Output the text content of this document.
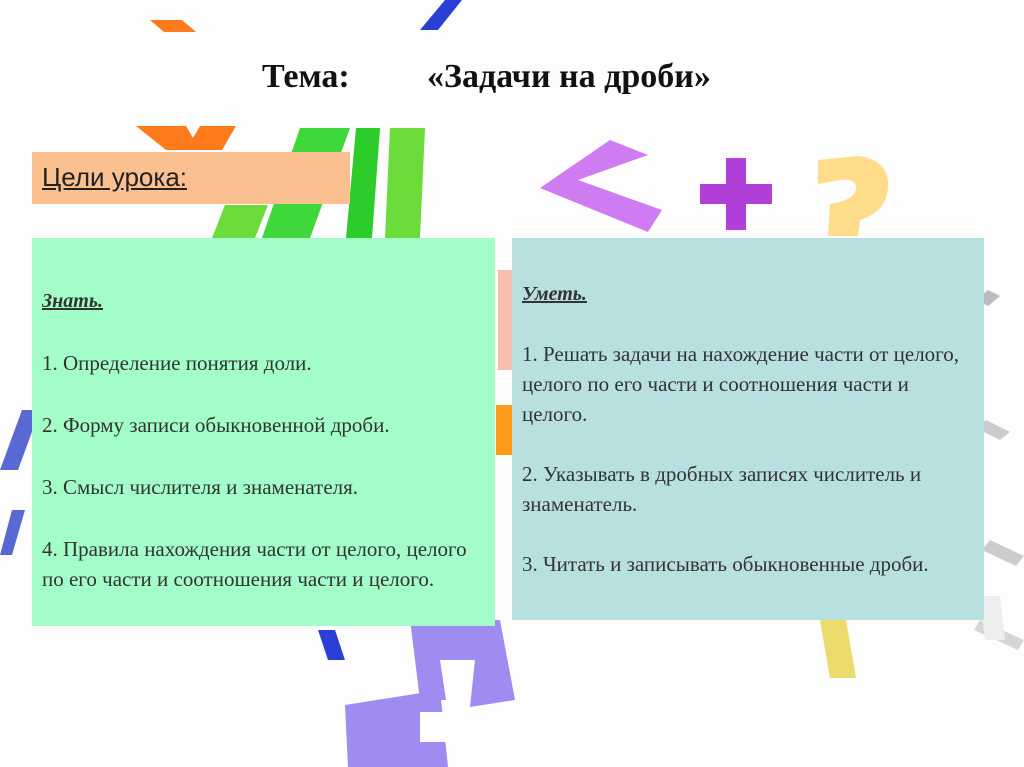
Тема: «Задачи на дроби»
Цели урока:
Знать.

1. Определение понятия доли.

2. Форму записи обыкновенной дроби.

3. Смысл числителя и знаменателя.

4. Правила нахождения части от целого, целого по его части и соотношения части и целого.

Уметь.

1. Решать задачи на нахождение части от целого, целого по его части и соотношения части и целого.

2. Указывать в дробных записях числитель и знаменатель.

3. Читать и записывать обыкновенные дроби.
